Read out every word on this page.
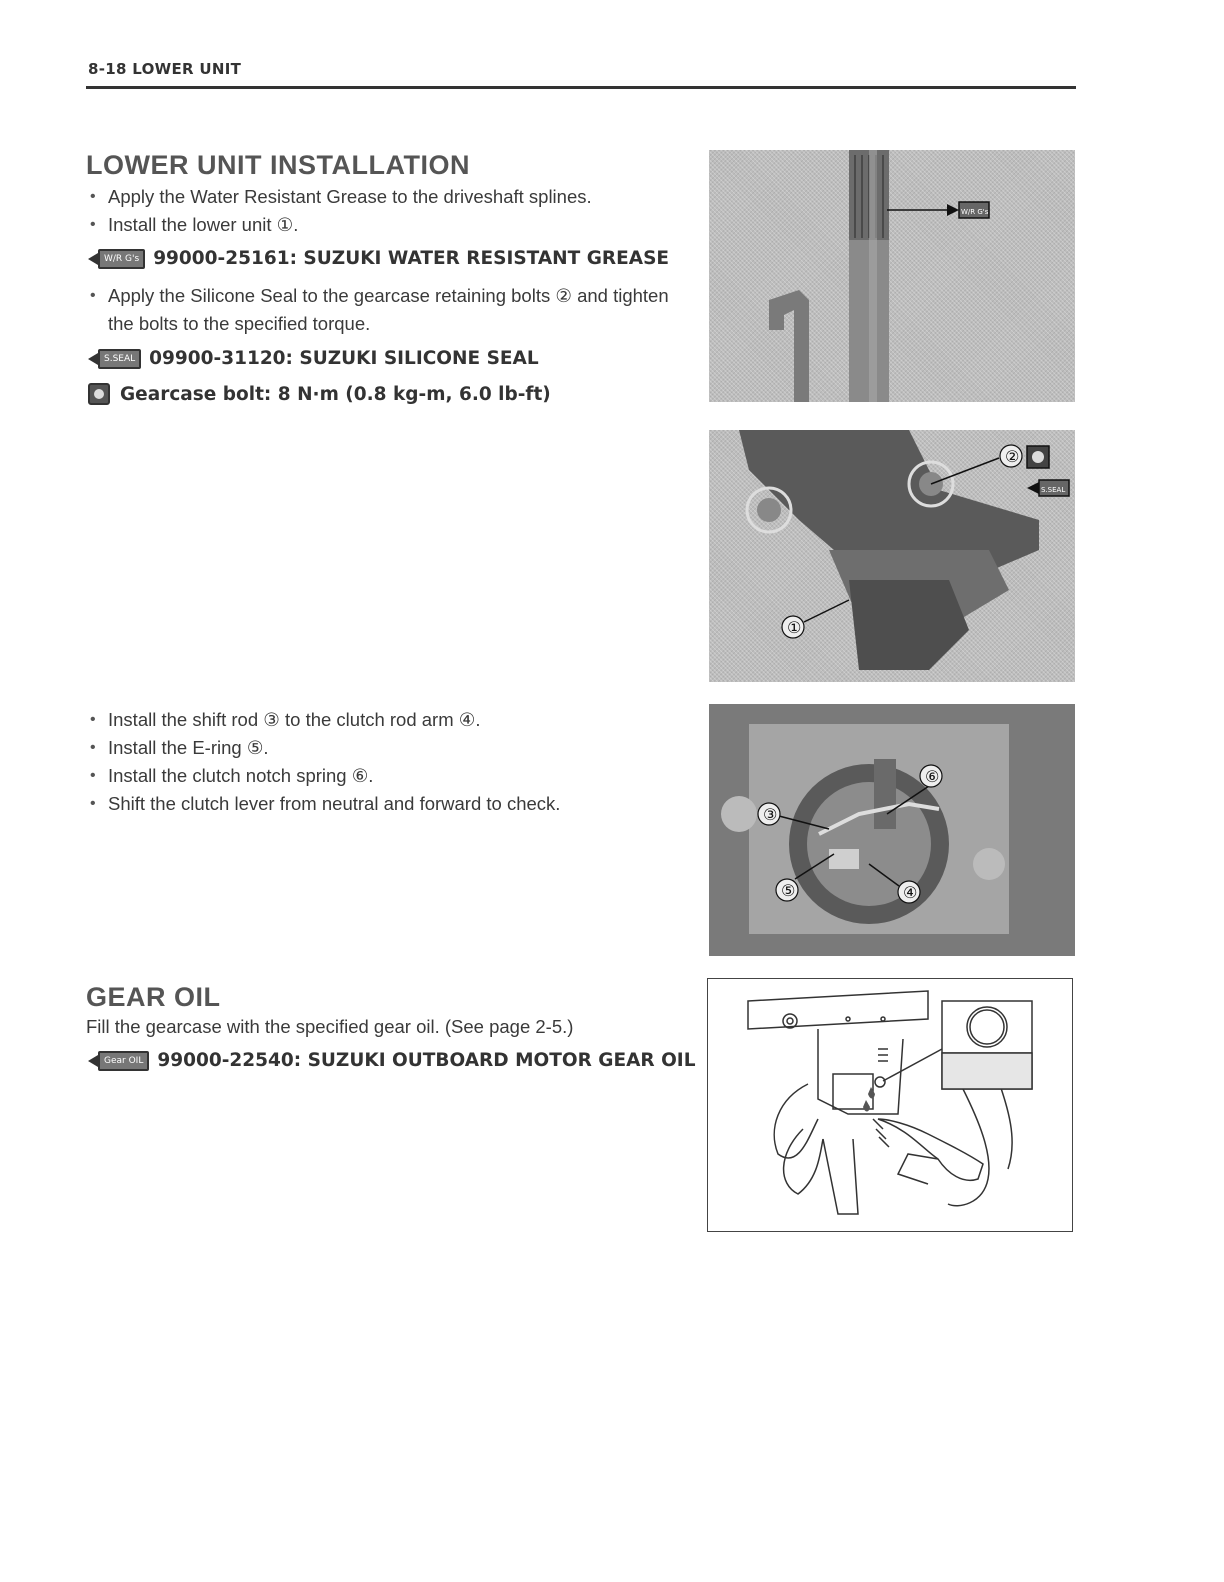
8-18 LOWER UNIT
LOWER UNIT INSTALLATION
• Apply the Water Resistant Grease to the driveshaft splines.
• Install the lower unit ①.
W/R G's 99000-25161: SUZUKI WATER RESISTANT GREASE
• Apply the Silicone Seal to the gearcase retaining bolts ② and tighten the bolts to the specified torque.
S.SEAL 09900-31120: SUZUKI SILICONE SEAL
Gearcase bolt: 8 N·m (0.8 kg-m, 6.0 lb-ft)
• Install the shift rod ③ to the clutch rod arm ④.
• Install the E-ring ⑤.
• Install the clutch notch spring ⑥.
• Shift the clutch lever from neutral and forward to check.
GEAR OIL
Fill the gearcase with the specified gear oil. (See page 2-5.)
Gear OIL 99000-22540: SUZUKI OUTBOARD MOTOR GEAR OIL
W/R G's
②
S.SEAL
①
⑥
③
⑤	④
